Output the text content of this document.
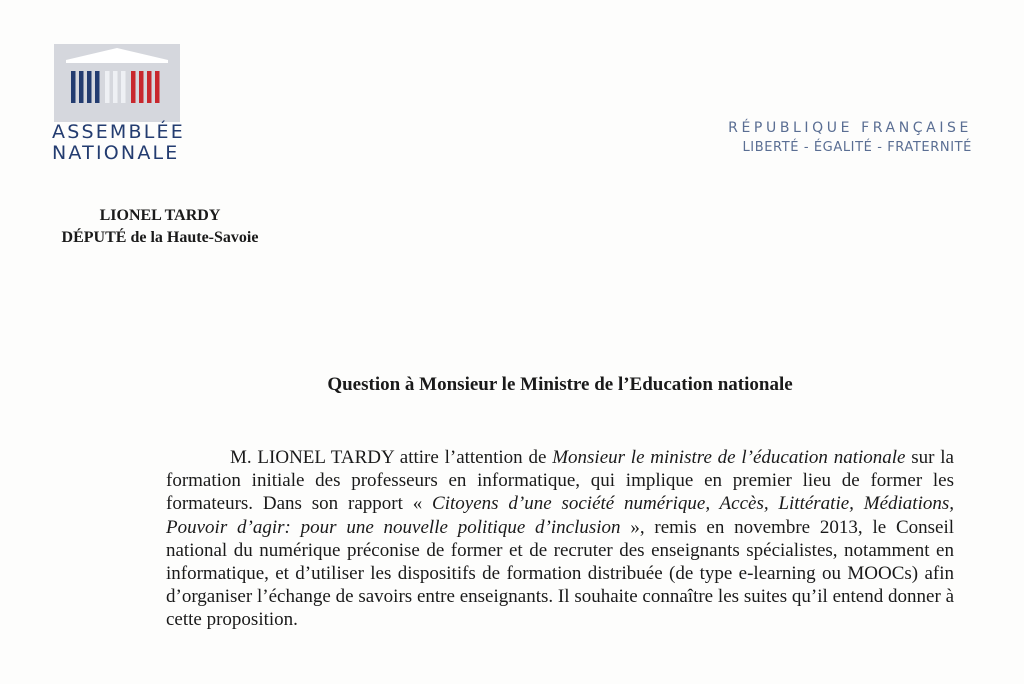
ASSEMBLÉE
NATIONALE
RÉPUBLIQUE FRANÇAISE
LIBERTÉ - ÉGALITÉ - FRATERNITÉ
LIONEL TARDY
DÉPUTÉ de la Haute-Savoie
Question à Monsieur le Ministre de l’Education nationale

M. LIONEL TARDY attire l’attention de Monsieur le ministre de l’éducation nationale sur la formation initiale des professeurs en informatique, qui implique en premier lieu de former les formateurs. Dans son rapport « Citoyens d’une société numérique, Accès, Littératie, Médiations, Pouvoir d’agir: pour une nouvelle politique d’inclusion », remis en novembre 2013, le Conseil national du numérique préconise de former et de recruter des enseignants spécialistes, notamment en informatique, et d’utiliser les dispositifs de formation distribuée (de type e-learning ou MOOCs) afin d’organiser l’échange de savoirs entre enseignants. Il souhaite connaître les suites qu’il entend donner à cette proposition.
